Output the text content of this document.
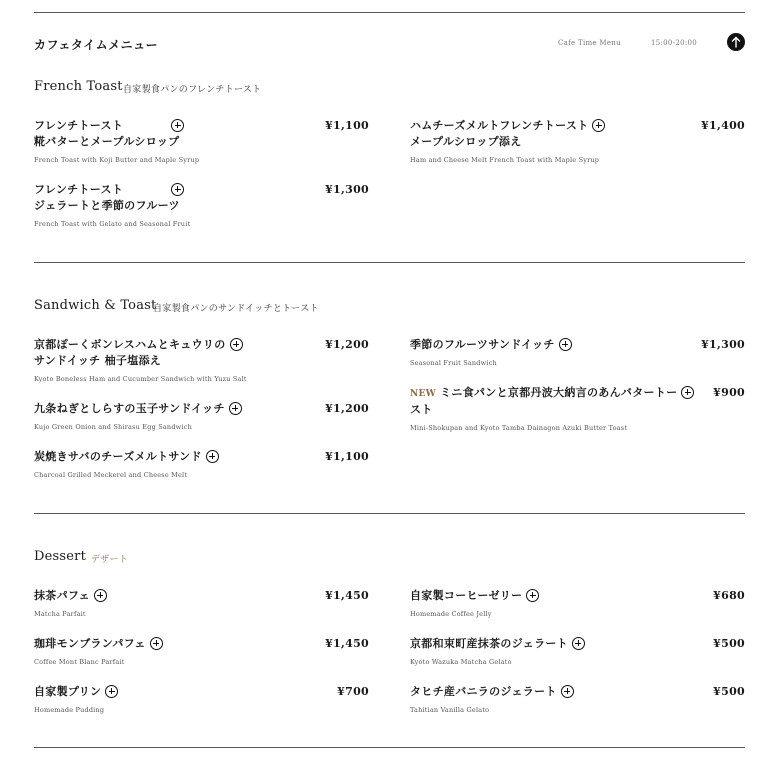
カフェタイムメニュー	Cafe Time Menu	15:00-20:00
French Toast 自家製食パンのフレンチトースト
フレンチトースト
糀バターとメープルシロップ
¥1,100
French Toast with Koji Butter and Maple Syrup
ハムチーズメルトフレンチトースト
メープルシロップ添え
¥1,400
Ham and Cheese Melt French Toast with Maple Syrup
フレンチトースト
ジェラートと季節のフルーツ
¥1,300
French Toast with Gelato and Seasonal Fruit
Sandwich & Toast
自家製食パンのサンドイッチとトースト
京都ぽーくボンレスハムとキュウリの
サンドイッチ 柚子塩添え
¥1,200
Kyoto Boneless Ham and Cucumber Sandwich with Yuzu Salt
季節のフルーツサンドイッチ	¥1,300
Seasonal Fruit Sandwich
九条ねぎとしらすの玉子サンドイッチ	¥1,200
Kujo Green Onion and Shirasu Egg Sandwich
NEW ミニ食パンと京都丹波大納言のあんバタートー
スト
¥900
Mini-Shokupan and Kyoto Tamba Dainagon Azuki Butter Toast
炭焼きサバのチーズメルトサンド	¥1,100
Charcoal Grilled Meckerel and Cheese Melt
Dessert デザート
抹茶パフェ	¥1,450
Matcha Parfait
自家製コーヒーゼリー	¥680
Homemade Coffee Jelly
珈琲モンブランパフェ	¥1,450
Coffee Mont Blanc Parfait
京都和束町産抹茶のジェラート	¥500
Kyoto Wazuka Matcha Gelato
自家製プリン	¥700
Homemade Pudding
タヒチ産バニラのジェラート	¥500
Tahitian Vanilla Gelato
